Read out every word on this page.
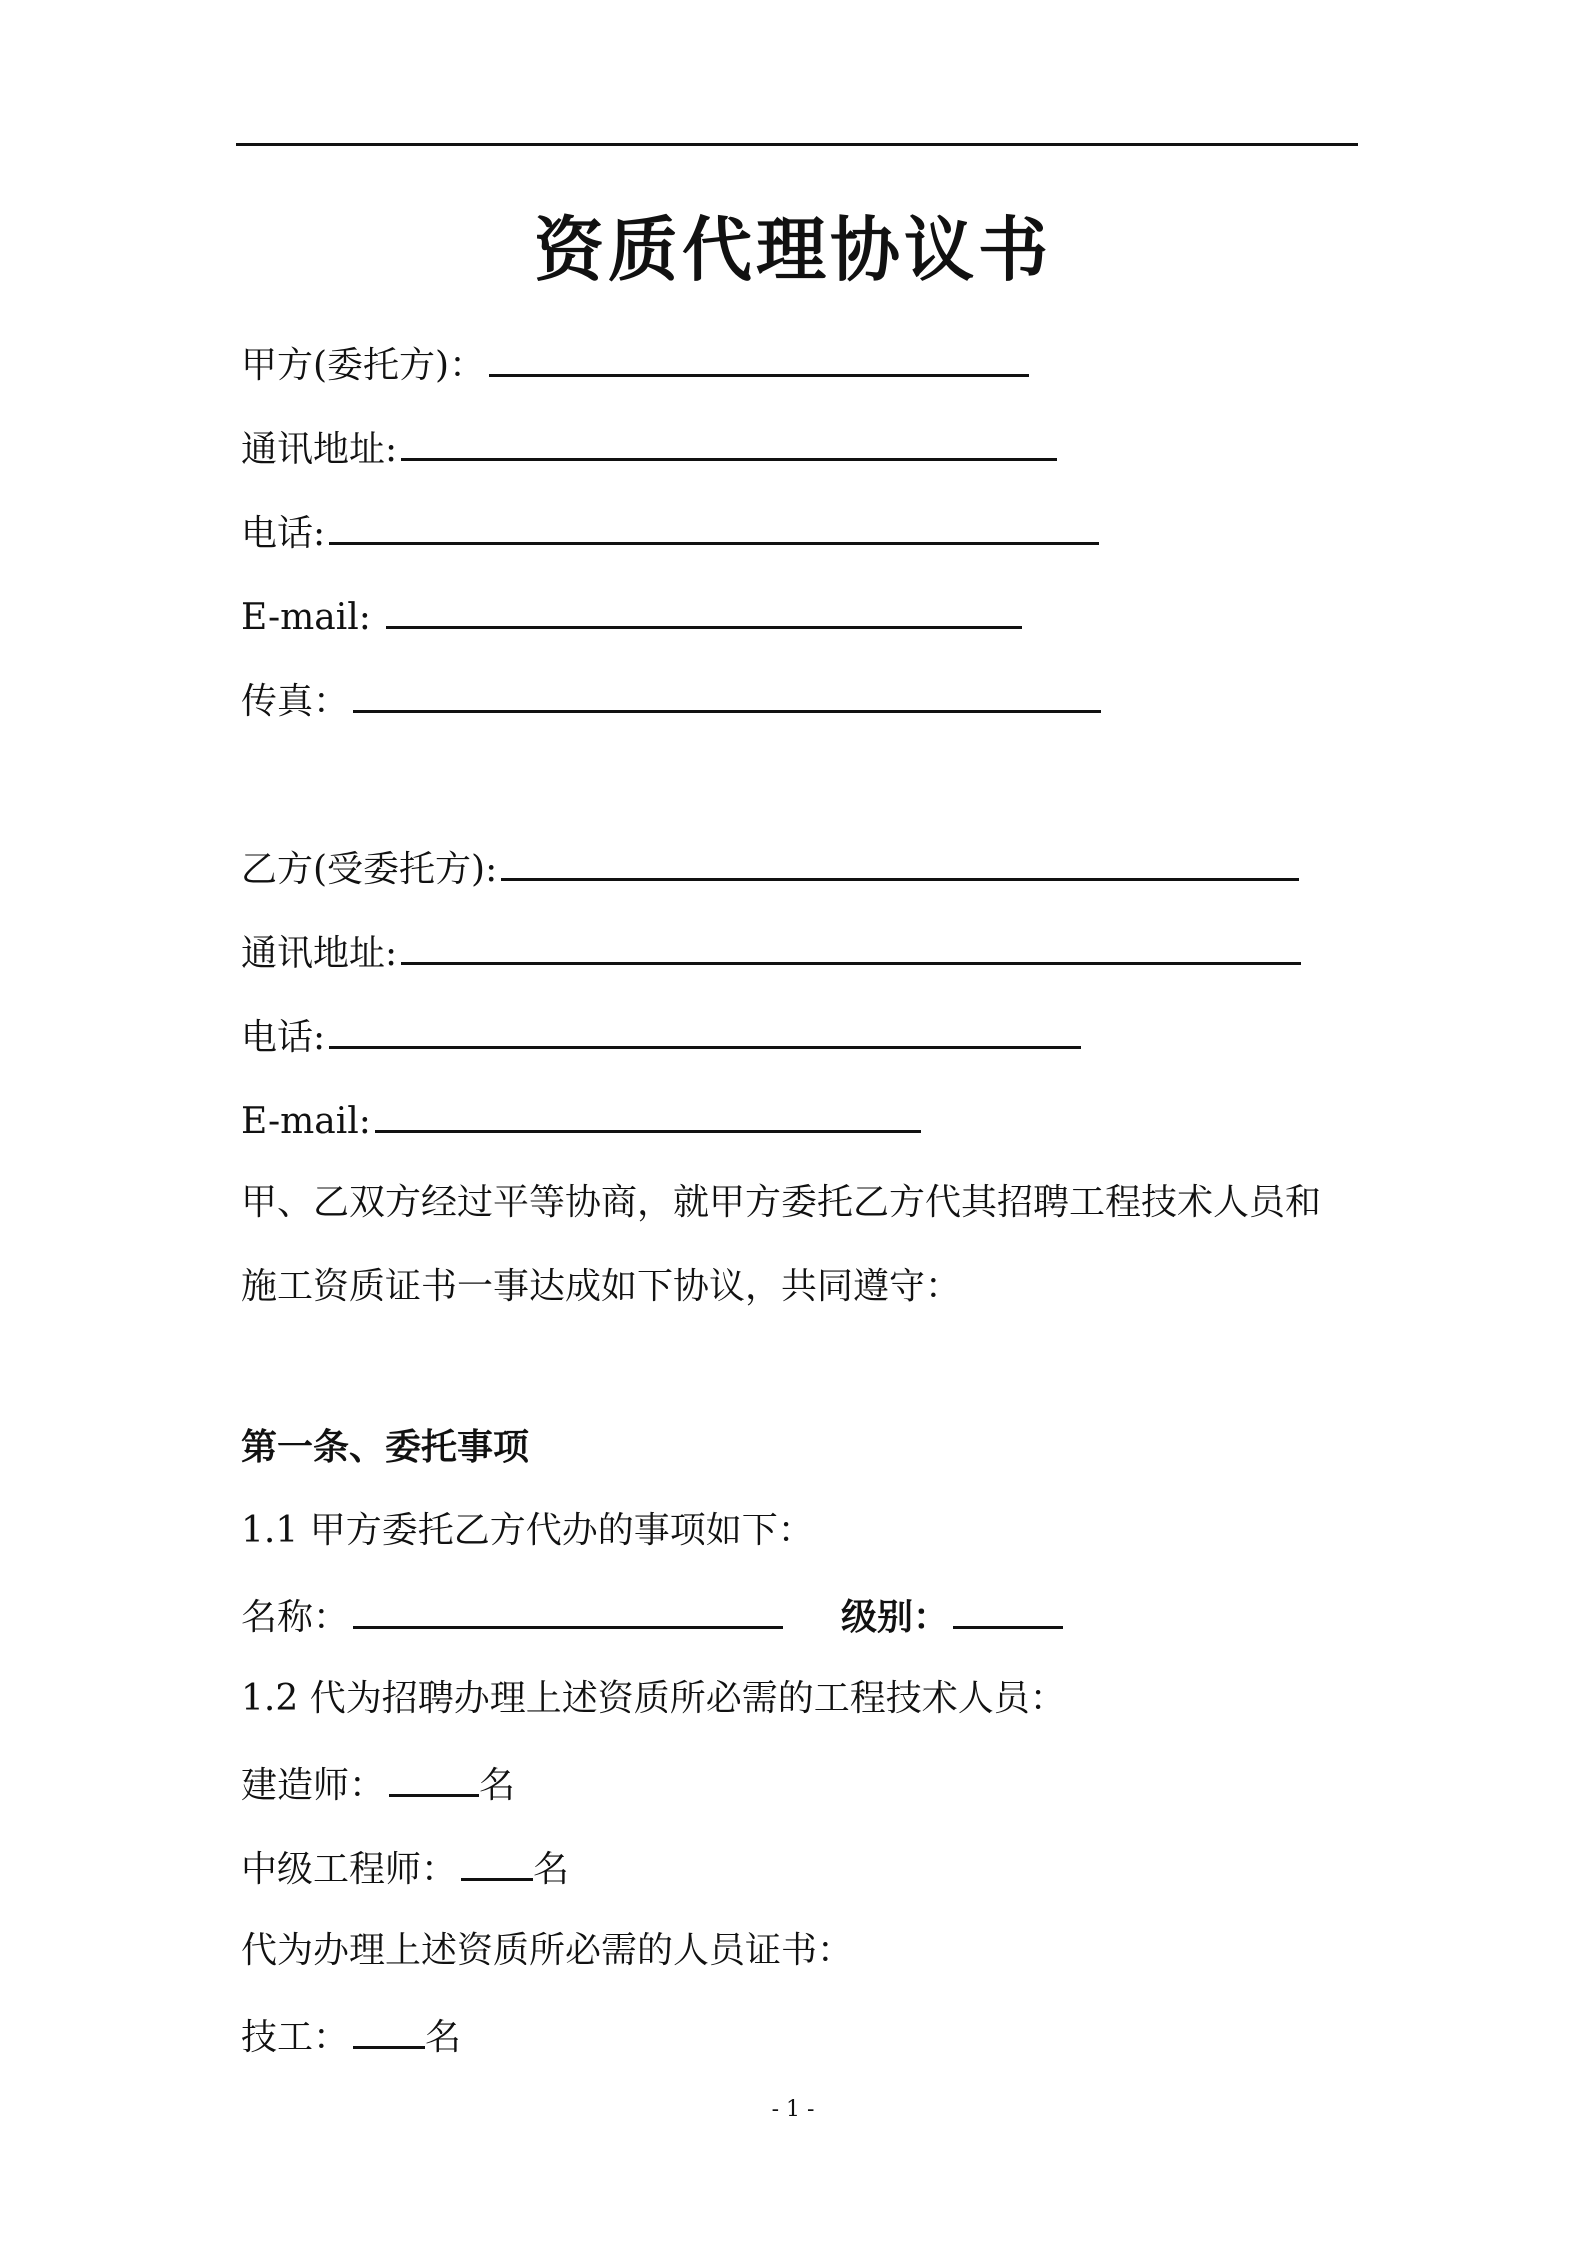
资质代理协议书
甲方(委托方)：
通讯地址:
电话:
E-mail:
传真：
乙方(受委托方):
通讯地址:
电话:
E-mail:
甲、乙双方经过平等协商，就甲方委托乙方代其招聘工程技术人员和
施工资质证书一事达成如下协议，共同遵守：
第一条、委托事项
1.1 甲方委托乙方代办的事项如下：
名称：	级别：
1.2 代为招聘办理上述资质所必需的工程技术人员：
建造师：	名
中级工程师： 名
代为办理上述资质所必需的人员证书：
技工： 名
- 1 -
